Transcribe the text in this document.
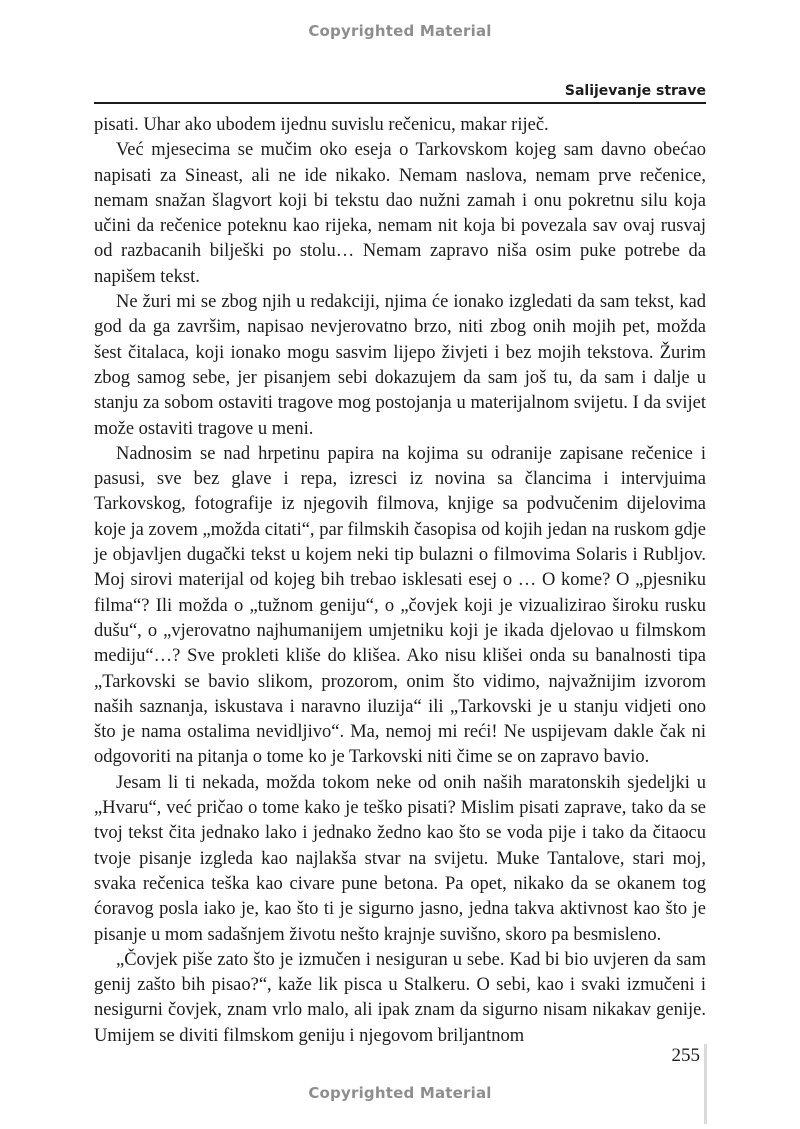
Copyrighted Material
Salijevanje strave

pisati. Uhar ako ubodem ijednu suvislu rečenicu, makar riječ.

Već mjesecima se mučim oko eseja o Tarkovskom kojeg sam davno obećao napisati za Sineast, ali ne ide nikako. Nemam naslova, nemam prve rečenice, nemam snažan šlagvort koji bi tekstu dao nužni zamah i onu pokretnu silu koja učini da rečenice poteknu kao rijeka, nemam nit koja bi povezala sav ovaj rusvaj od razbacanih bilješki po stolu… Nemam zapravo niša osim puke potrebe da napišem tekst.

Ne žuri mi se zbog njih u redakciji, njima će ionako izgledati da sam tekst, kad god da ga završim, napisao nevjerovatno brzo, niti zbog onih mojih pet, možda šest čitalaca, koji ionako mogu sasvim lijepo živjeti i bez mojih tekstova. Žurim zbog samog sebe, jer pisanjem sebi dokazujem da sam još tu, da sam i dalje u stanju za sobom ostaviti tragove mog postojanja u materijalnom svijetu. I da svijet može ostaviti tragove u meni.

Nadnosim se nad hrpetinu papira na kojima su odranije zapisane rečenice i pasusi, sve bez glave i repa, izresci iz novina sa člancima i intervjuima Tarkovskog, fotografije iz njegovih filmova, knjige sa podvučenim dijelovima koje ja zovem „možda citati“, par filmskih časopisa od kojih jedan na ruskom gdje je objavljen dugački tekst u kojem neki tip bulazni o filmovima Solaris i Rubljov. Moj sirovi materijal od kojeg bih trebao isklesati esej o … O kome? O „pjesniku filma“? Ili možda o „tužnom geniju“, o „čovjek koji je vizualizirao široku rusku dušu“, o „vjerovatno najhumanijem umjetniku koji je ikada djelovao u filmskom mediju“…? Sve prokleti kliše do klišea. Ako nisu klišei onda su banalnosti tipa „Tarkovski se bavio slikom, prozorom, onim što vidimo, najvažnijim izvorom naših saznanja, iskustava i naravno iluzija“ ili „Tarkovski je u stanju vidjeti ono što je nama ostalima nevidljivo“. Ma, nemoj mi reći! Ne uspijevam dakle čak ni odgovoriti na pitanja o tome ko je Tarkovski niti čime se on zapravo bavio.

Jesam li ti nekada, možda tokom neke od onih naših maratonskih sjedeljki u „Hvaru“, već pričao o tome kako je teško pisati? Mislim pisati zaprave, tako da se tvoj tekst čita jednako lako i jednako žedno kao što se voda pije i tako da čitaocu tvoje pisanje izgleda kao najlakša stvar na svijetu. Muke Tantalove, stari moj, svaka rečenica teška kao civare pune betona. Pa opet, nikako da se okanem tog ćoravog posla iako je, kao što ti je sigurno jasno, jedna takva aktivnost kao što je pisanje u mom sadašnjem životu nešto krajnje suvišno, skoro pa besmisleno.

„Čovjek piše zato što je izmučen i nesiguran u sebe. Kad bi bio uvjeren da sam genij zašto bih pisao?“, kaže lik pisca u Stalkeru. O sebi, kao i svaki izmučeni i nesigurni čovjek, znam vrlo malo, ali ipak znam da sigurno nisam nikakav genije. Umijem se diviti filmskom geniju i njegovom briljantnom

255
Copyrighted Material
